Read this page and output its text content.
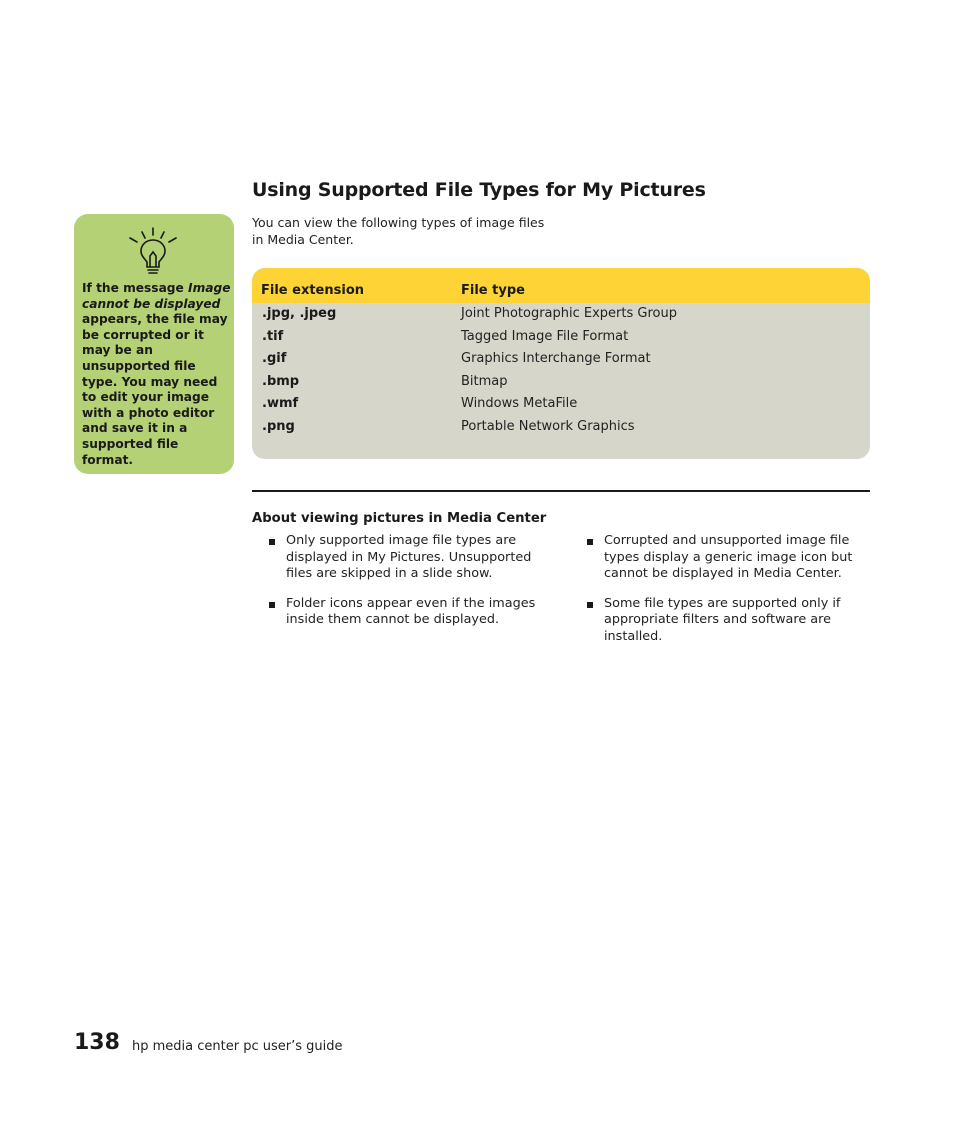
Using Supported File Types for My Pictures

You can view the following types of image files in Media Center.

If the message Image cannot be displayed appears, the file may be corrupted or it may be an unsupported file type. You may need to edit your image with a photo editor and save it in a supported file format.

File extension	File type
.jpg, .jpeg	Joint Photographic Experts Group
.tif	Tagged Image File Format
.gif	Graphics Interchange Format
.bmp	Bitmap
.wmf	Windows MetaFile
.png	Portable Network Graphics
About viewing pictures in Media Center

Only supported image file types are displayed in My Pictures. Unsupported files are skipped in a slide show.

Folder icons appear even if the images inside them cannot be displayed.

Corrupted and unsupported image file types display a generic image icon but cannot be displayed in Media Center.

Some file types are supported only if appropriate filters and software are installed.

138 hp media center pc user’s guide
